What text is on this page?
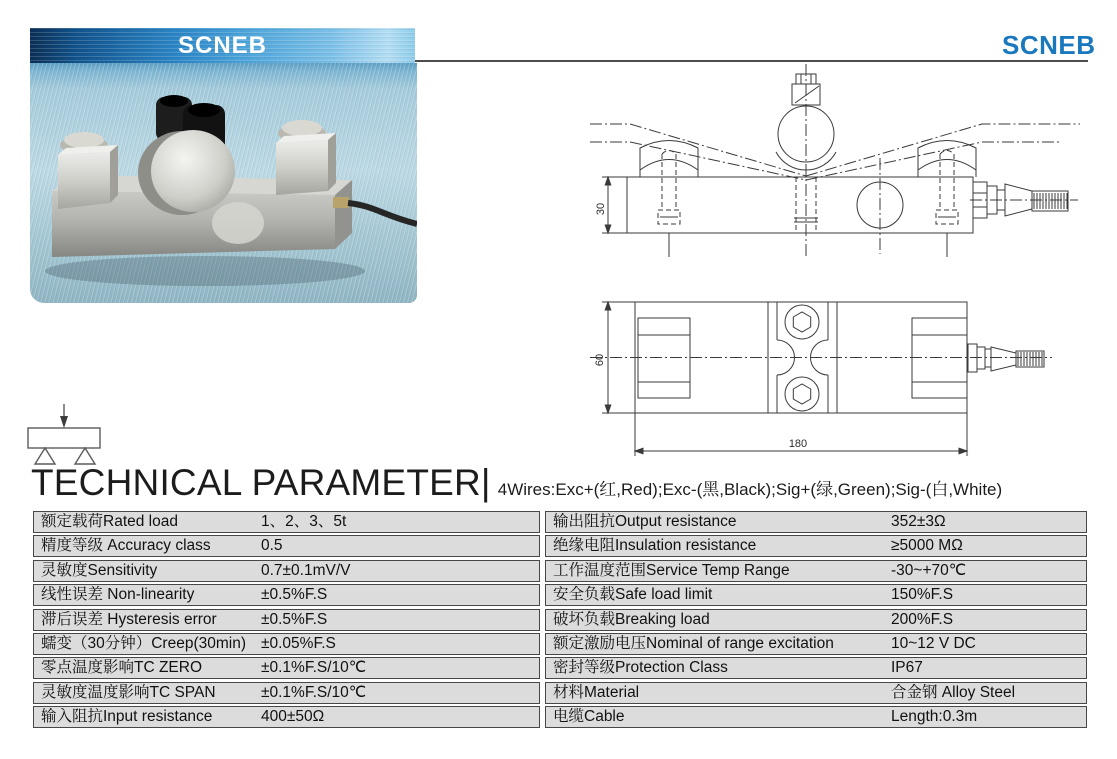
SCNEB	SCNEB
30
60
180
TECHNICAL PARAMETER| 4Wires:Exc+(红,Red);Exc-(黑,Black);Sig+(绿,Green);Sig-(白,White)
额定载荷Rated load	1、2、3、5t
精度等级 Accuracy class	0.5
灵敏度Sensitivity	0.7±0.1mV/V
线性误差 Non-linearity	±0.5%F.S
滞后误差 Hysteresis error	±0.5%F.S
蠕变（30分钟）Creep(30min) ±0.05%F.S
零点温度影响TC ZERO	±0.1%F.S/10℃
灵敏度温度影响TC SPAN	±0.1%F.S/10℃
输入阻抗Input resistance	400±50Ω
输出阻抗Output resistance	352±3Ω
绝缘电阻Insulation resistance	≥5000 MΩ
工作温度范围Service Temp Range	-30~+70℃
安全负载Safe load limit	150%F.S
破坏负载Breaking load	200%F.S
额定激励电压Nominal of range excitation	10~12 V DC
密封等级Protection Class	IP67
材料Material	合金钢 Alloy Steel
电缆Cable	Length:0.3m
